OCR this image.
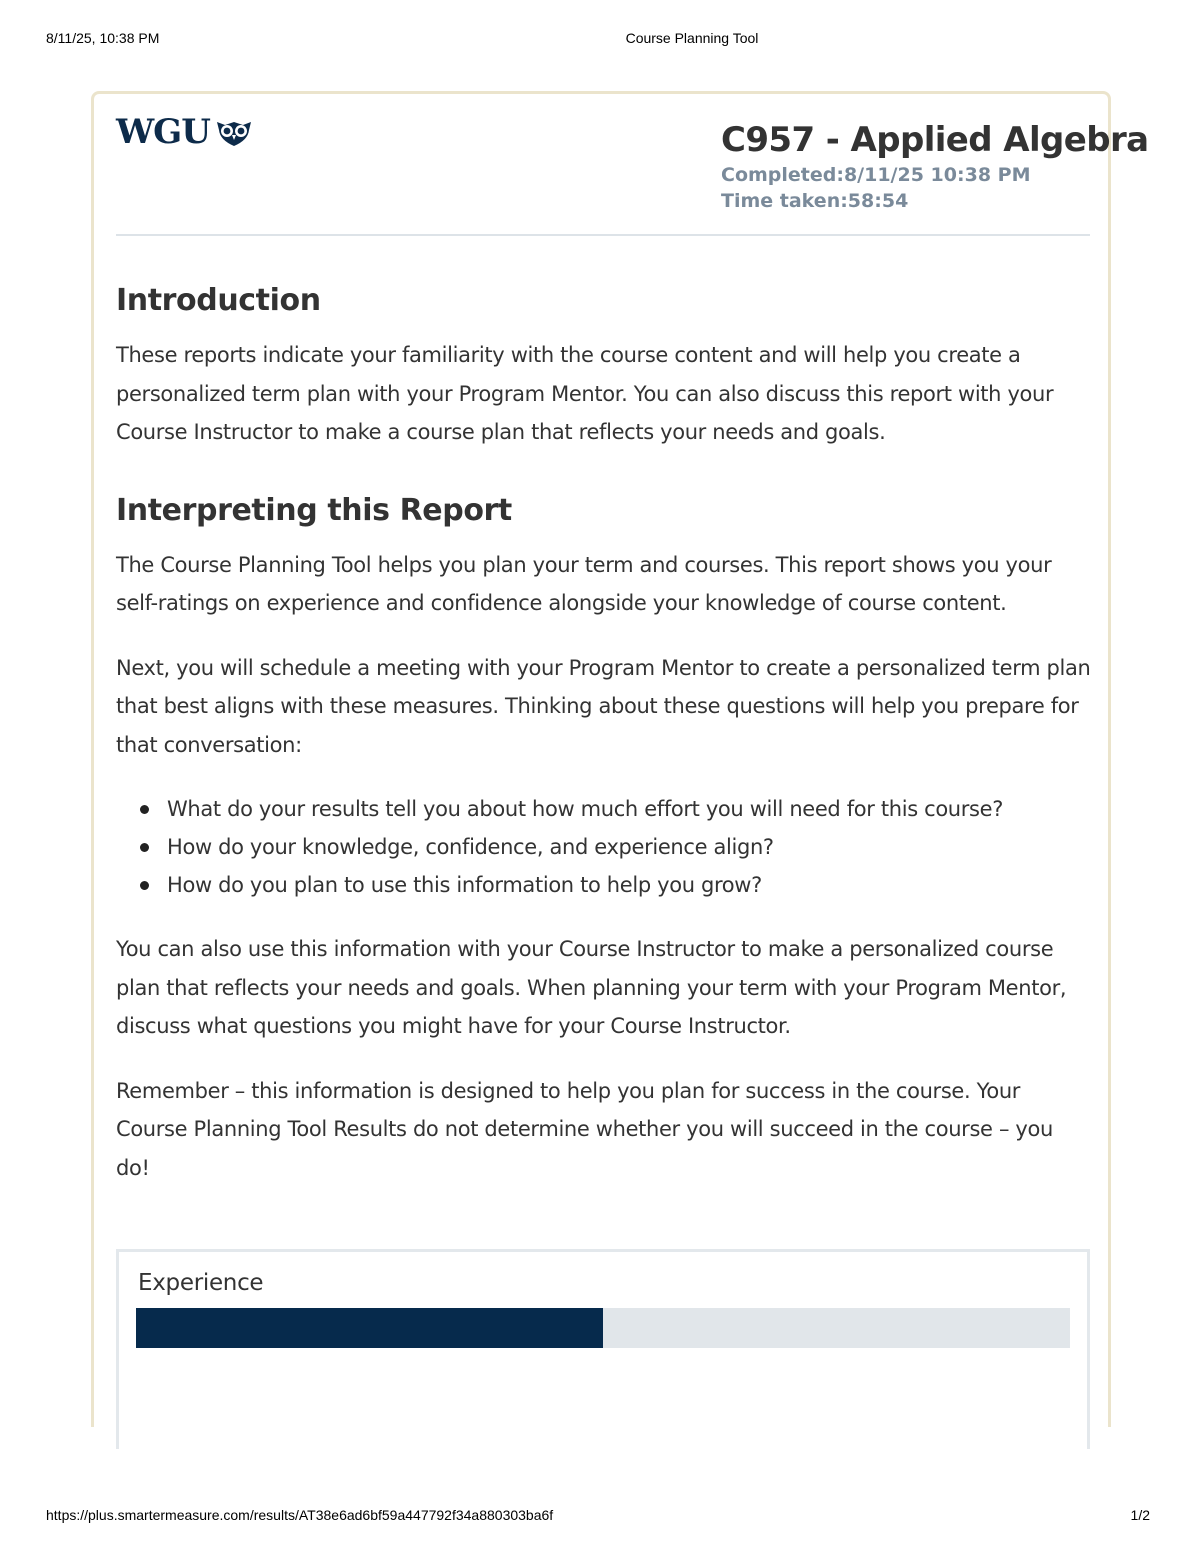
8/11/25, 10:38 PM	Course Planning Tool
WGU	C957 - Applied Algebra
Completed:8/11/25 10:38 PM
Time taken:58:54
Introduction

These reports indicate your familiarity with the course content and will help you create a personalized term plan with your Program Mentor. You can also discuss this report with your Course Instructor to make a course plan that reflects your needs and goals.

Interpreting this Report

The Course Planning Tool helps you plan your term and courses. This report shows you your self-ratings on experience and confidence alongside your knowledge of course content.

Next, you will schedule a meeting with your Program Mentor to create a personalized term plan that best aligns with these measures. Thinking about these questions will help you prepare for that conversation:

What do your results tell you about how much effort you will need for this course?
How do your knowledge, confidence, and experience align?
How do you plan to use this information to help you grow?

You can also use this information with your Course Instructor to make a personalized course plan that reflects your needs and goals. When planning your term with your Program Mentor, discuss what questions you might have for your Course Instructor.

Remember – this information is designed to help you plan for success in the course. Your Course Planning Tool Results do not determine whether you will succeed in the course – you do!

Experience
https://plus.smartermeasure.com/results/AT38e6ad6bf59a447792f34a880303ba6f	1/2
